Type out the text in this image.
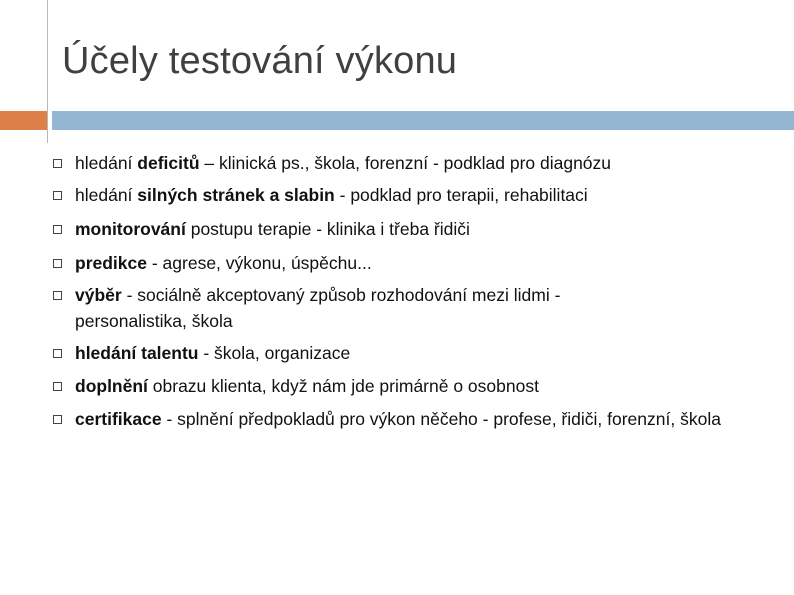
Účely testování výkonu
hledání deficitů – klinická ps., škola, forenzní - podklad pro diagnózu
hledání silných stránek a slabin - podklad pro terapii, rehabilitaci
monitorování postupu terapie - klinika i třeba řidiči
predikce - agrese, výkonu, úspěchu...
výběr - sociálně akceptovaný způsob rozhodování mezi lidmi - personalistika, škola
hledání talentu - škola, organizace
doplnění obrazu klienta, když nám jde primárně o osobnost
certifikace - splnění předpokladů pro výkon něčeho - profese, řidiči, forenzní, škola
